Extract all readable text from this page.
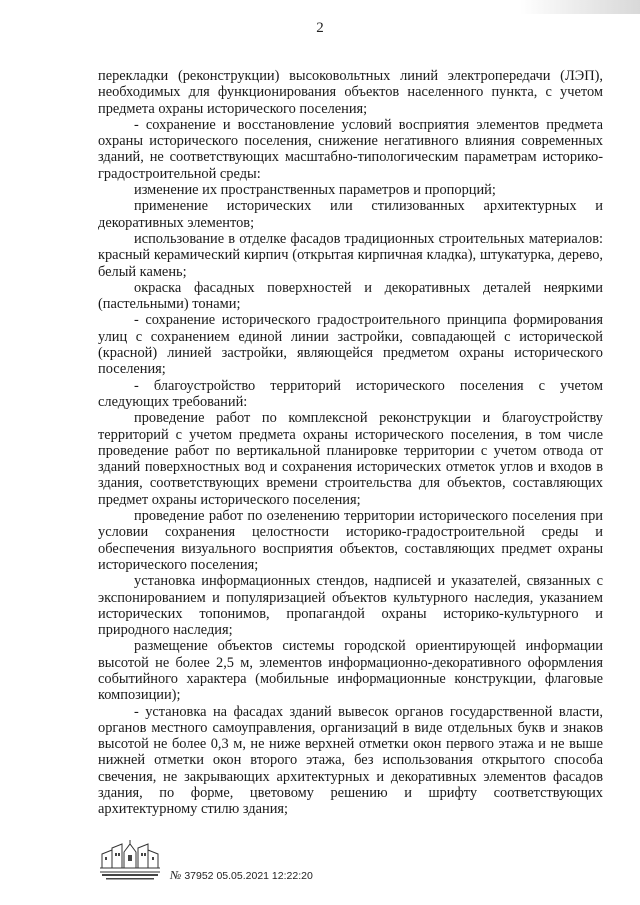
2

перекладки (реконструкции) высоковольтных линий электропередачи (ЛЭП), необходимых для функционирования объектов населенного пункта, с учетом предмета охраны исторического поселения;

- сохранение и восстановление условий восприятия элементов предмета охраны исторического поселения, снижение негативного влияния современных зданий, не соответствующих масштабно-типологическим параметрам историко-градостроительной среды:

изменение их пространственных параметров и пропорций;

применение исторических или стилизованных архитектурных и декоративных элементов;

использование в отделке фасадов традиционных строительных материалов: красный керамический кирпич (открытая кирпичная кладка), штукатурка, дерево, белый камень;

окраска фасадных поверхностей и декоративных деталей неяркими (пастельными) тонами;

- сохранение исторического градостроительного принципа формирования улиц с сохранением единой линии застройки, совпадающей с исторической (красной) линией застройки, являющейся предметом охраны исторического поселения;

- благоустройство территорий исторического поселения с учетом следующих требований:

проведение работ по комплексной реконструкции и благоустройству территорий с учетом предмета охраны исторического поселения, в том числе проведение работ по вертикальной планировке территории с учетом отвода от зданий поверхностных вод и сохранения исторических отметок углов и входов в здания, соответствующих времени строительства для объектов, составляющих предмет охраны исторического поселения;

проведение работ по озеленению территории исторического поселения при условии сохранения целостности историко-градостроительной среды и обеспечения визуального восприятия объектов, составляющих предмет охраны исторического поселения;

установка информационных стендов, надписей и указателей, связанных с экспонированием и популяризацией объектов культурного наследия, указанием исторических топонимов, пропагандой охраны историко-культурного и природного наследия;

размещение объектов системы городской ориентирующей информации высотой не более 2,5 м, элементов информационно-декоративного оформления событийного характера (мобильные информационные конструкции, флаговые композиции);

- установка на фасадах зданий вывесок органов государственной власти, органов местного самоуправления, организаций в виде отдельных букв и знаков высотой не более 0,3 м, не ниже верхней отметки окон первого этажа и не выше нижней отметки окон второго этажа, без использования открытого способа свечения, не закрывающих архитектурных и декоративных элементов фасадов здания, по форме, цветовому решению и шрифту соответствующих архитектурному стилю здания;

№ 37952 05.05.2021 12:22:20
